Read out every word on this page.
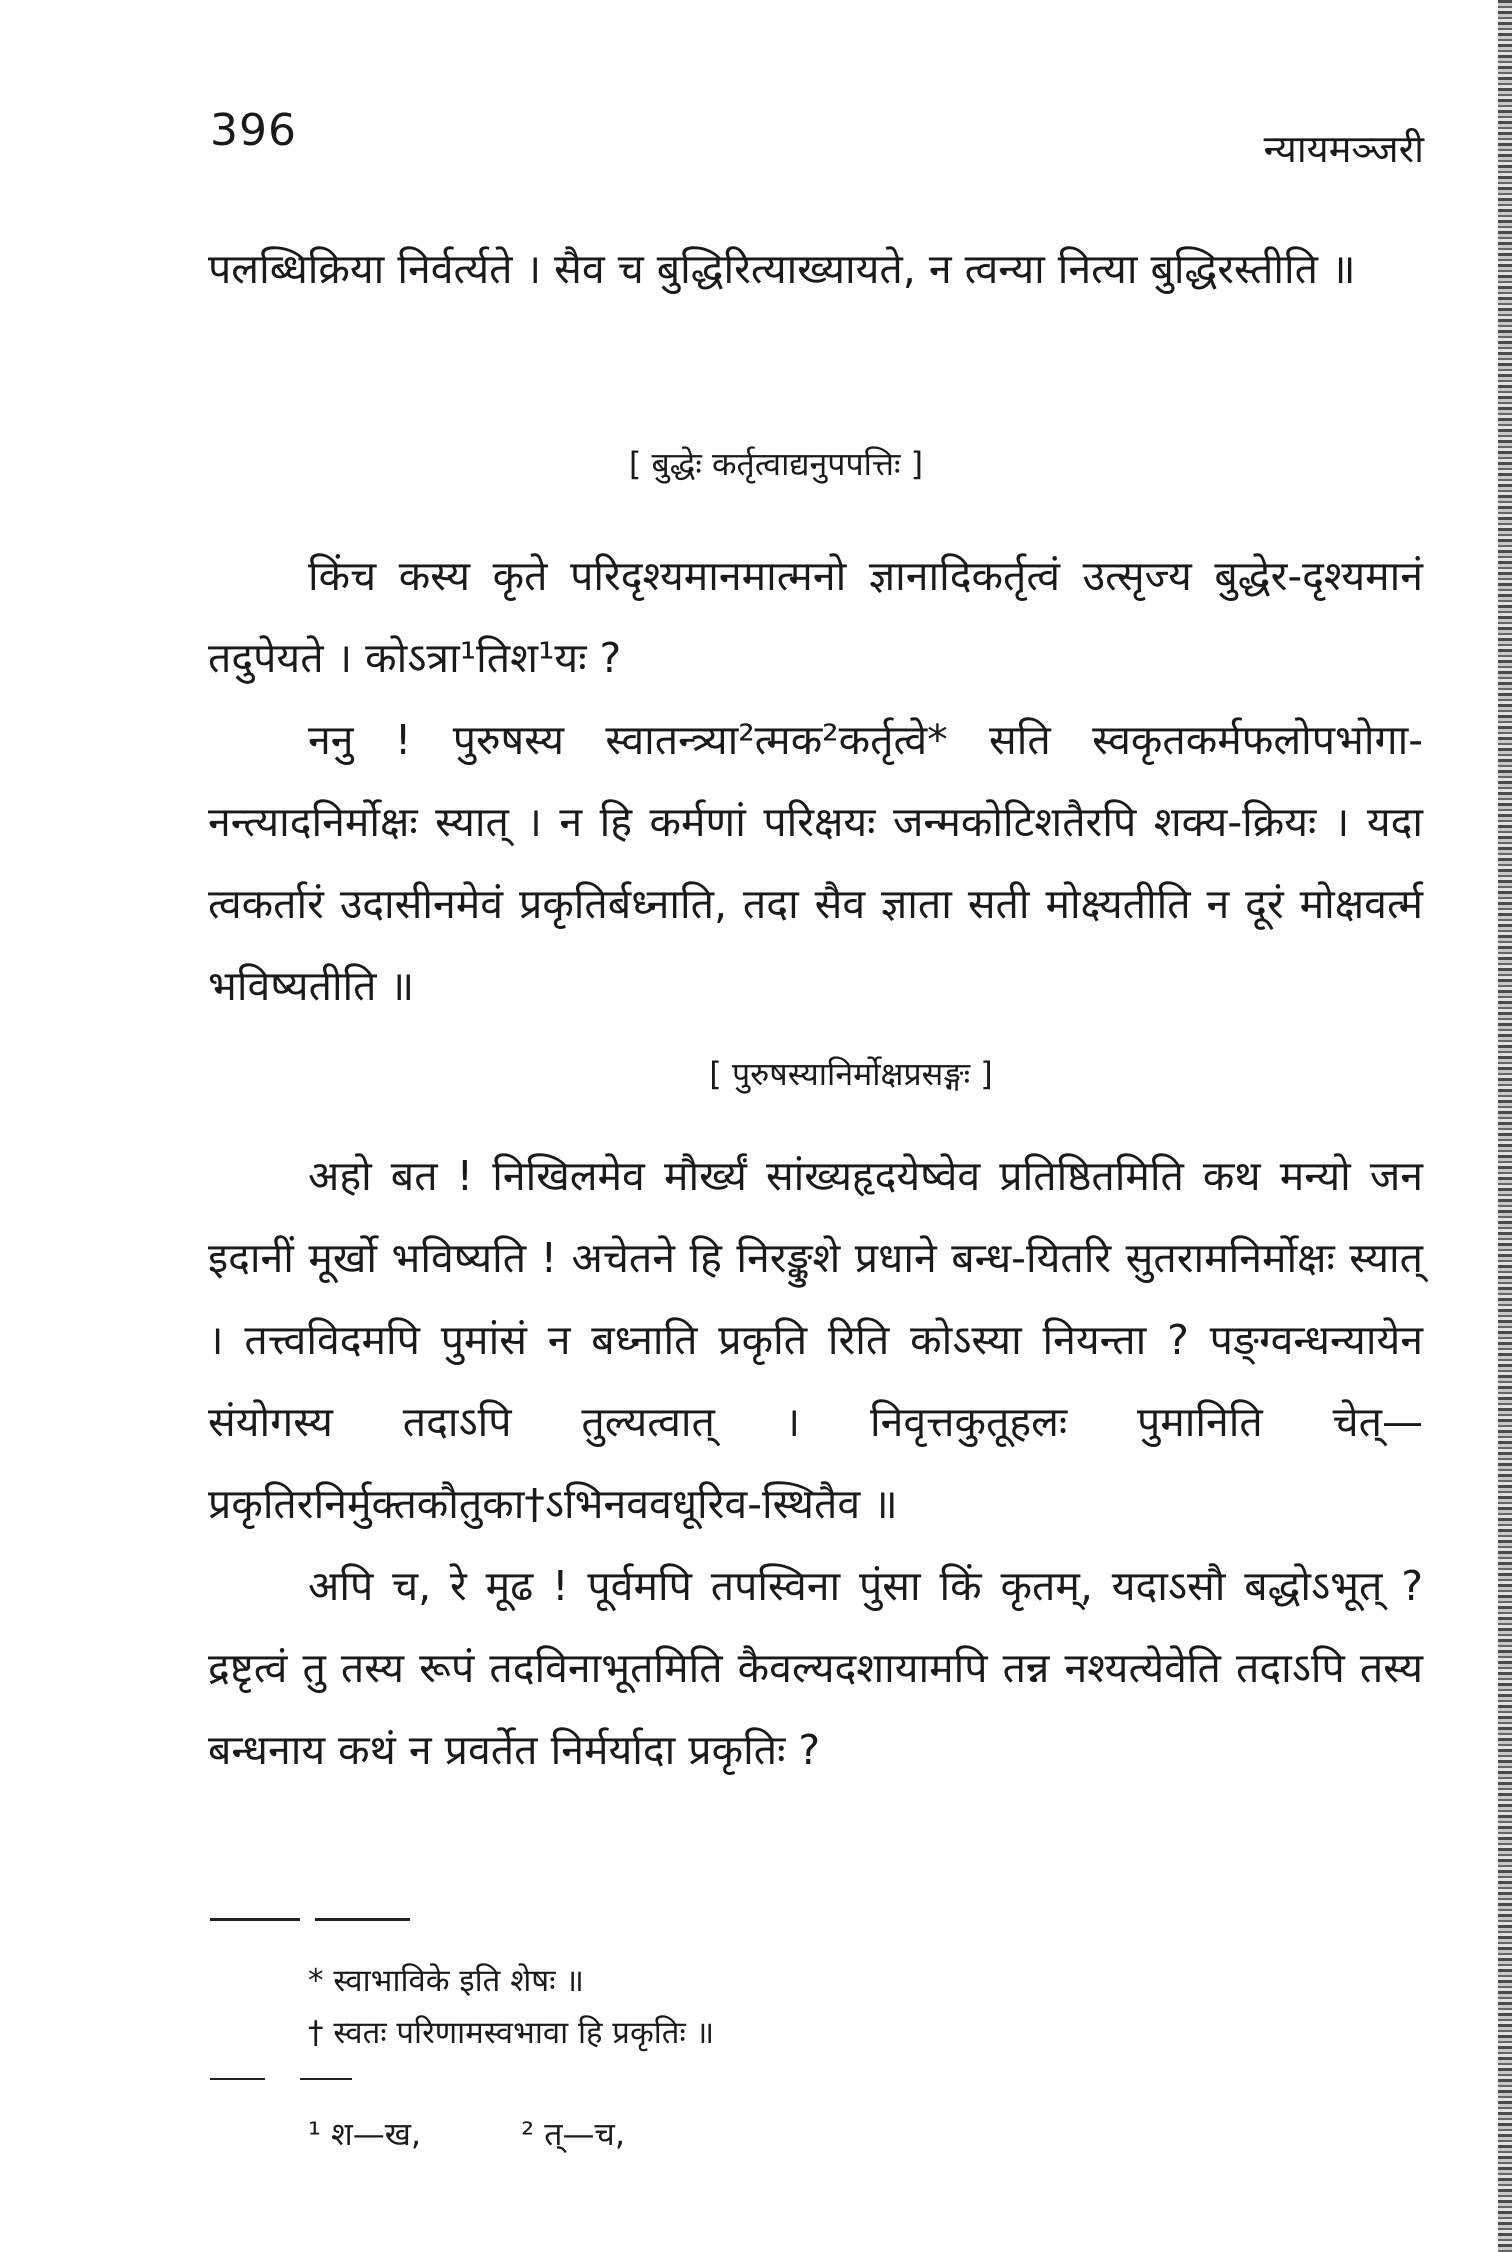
396	न्यायमञ्जरी

पलब्धिक्रिया निर्वर्त्यते । सैव च बुद्धिरित्याख्यायते, न त्वन्या नित्या बुद्धिरस्तीति ॥

[ बुद्धेः कर्तृत्वाद्यनुपपत्तिः ]

किंच कस्य कृते परिदृश्यमानमात्मनो ज्ञानादिकर्तृत्वं उत्सृज्य बुद्धेर-दृश्यमानं तदुपेयते । कोऽत्रा¹तिश¹यः ?

ननु ! पुरुषस्य स्वातन्त्र्या²त्मक²कर्तृत्वे* सति स्वकृतकर्मफलोपभोगा-नन्त्यादनिर्मोक्षः स्यात् । न हि कर्मणां परिक्षयः जन्मकोटिशतैरपि शक्य-क्रियः । यदा त्वकर्तारं उदासीनमेवं प्रकृतिर्बध्नाति, तदा सैव ज्ञाता सती मोक्ष्यतीति न दूरं मोक्षवर्त्म भविष्यतीति ॥

[ पुरुषस्यानिर्मोक्षप्रसङ्गः ]

अहो बत ! निखिलमेव मौर्ख्यं सांख्यहृदयेष्वेव प्रतिष्ठितमिति कथ मन्यो जन इदानीं मूर्खो भविष्यति ! अचेतने हि निरङ्कुशे प्रधाने बन्ध-यितरि सुतरामनिर्मोक्षः स्यात् । तत्त्वविदमपि पुमांसं न बध्नाति प्रकृति रिति कोऽस्या नियन्ता ? पङ्ग्वन्धन्यायेन संयोगस्य तदाऽपि तुल्यत्वात् । निवृत्तकुतूहलः पुमानिति चेत्—प्रकृतिरनिर्मुक्तकौतुका†ऽभिनववधूरिव-स्थितैव ॥

अपि च, रे मूढ ! पूर्वमपि तपस्विना पुंसा किं कृतम्, यदाऽसौ बद्धोऽभूत् ? द्रष्टृत्वं तु तस्य रूपं तदविनाभूतमिति कैवल्यदशायामपि तन्न नश्यत्येवेति तदाऽपि तस्य बन्धनाय कथं न प्रवर्तेत निर्मर्यादा प्रकृतिः ?

* स्वाभाविके इति शेषः ॥

† स्वतः परिणामस्वभावा हि प्रकृतिः ॥

¹ श—ख,	² त्—च,
